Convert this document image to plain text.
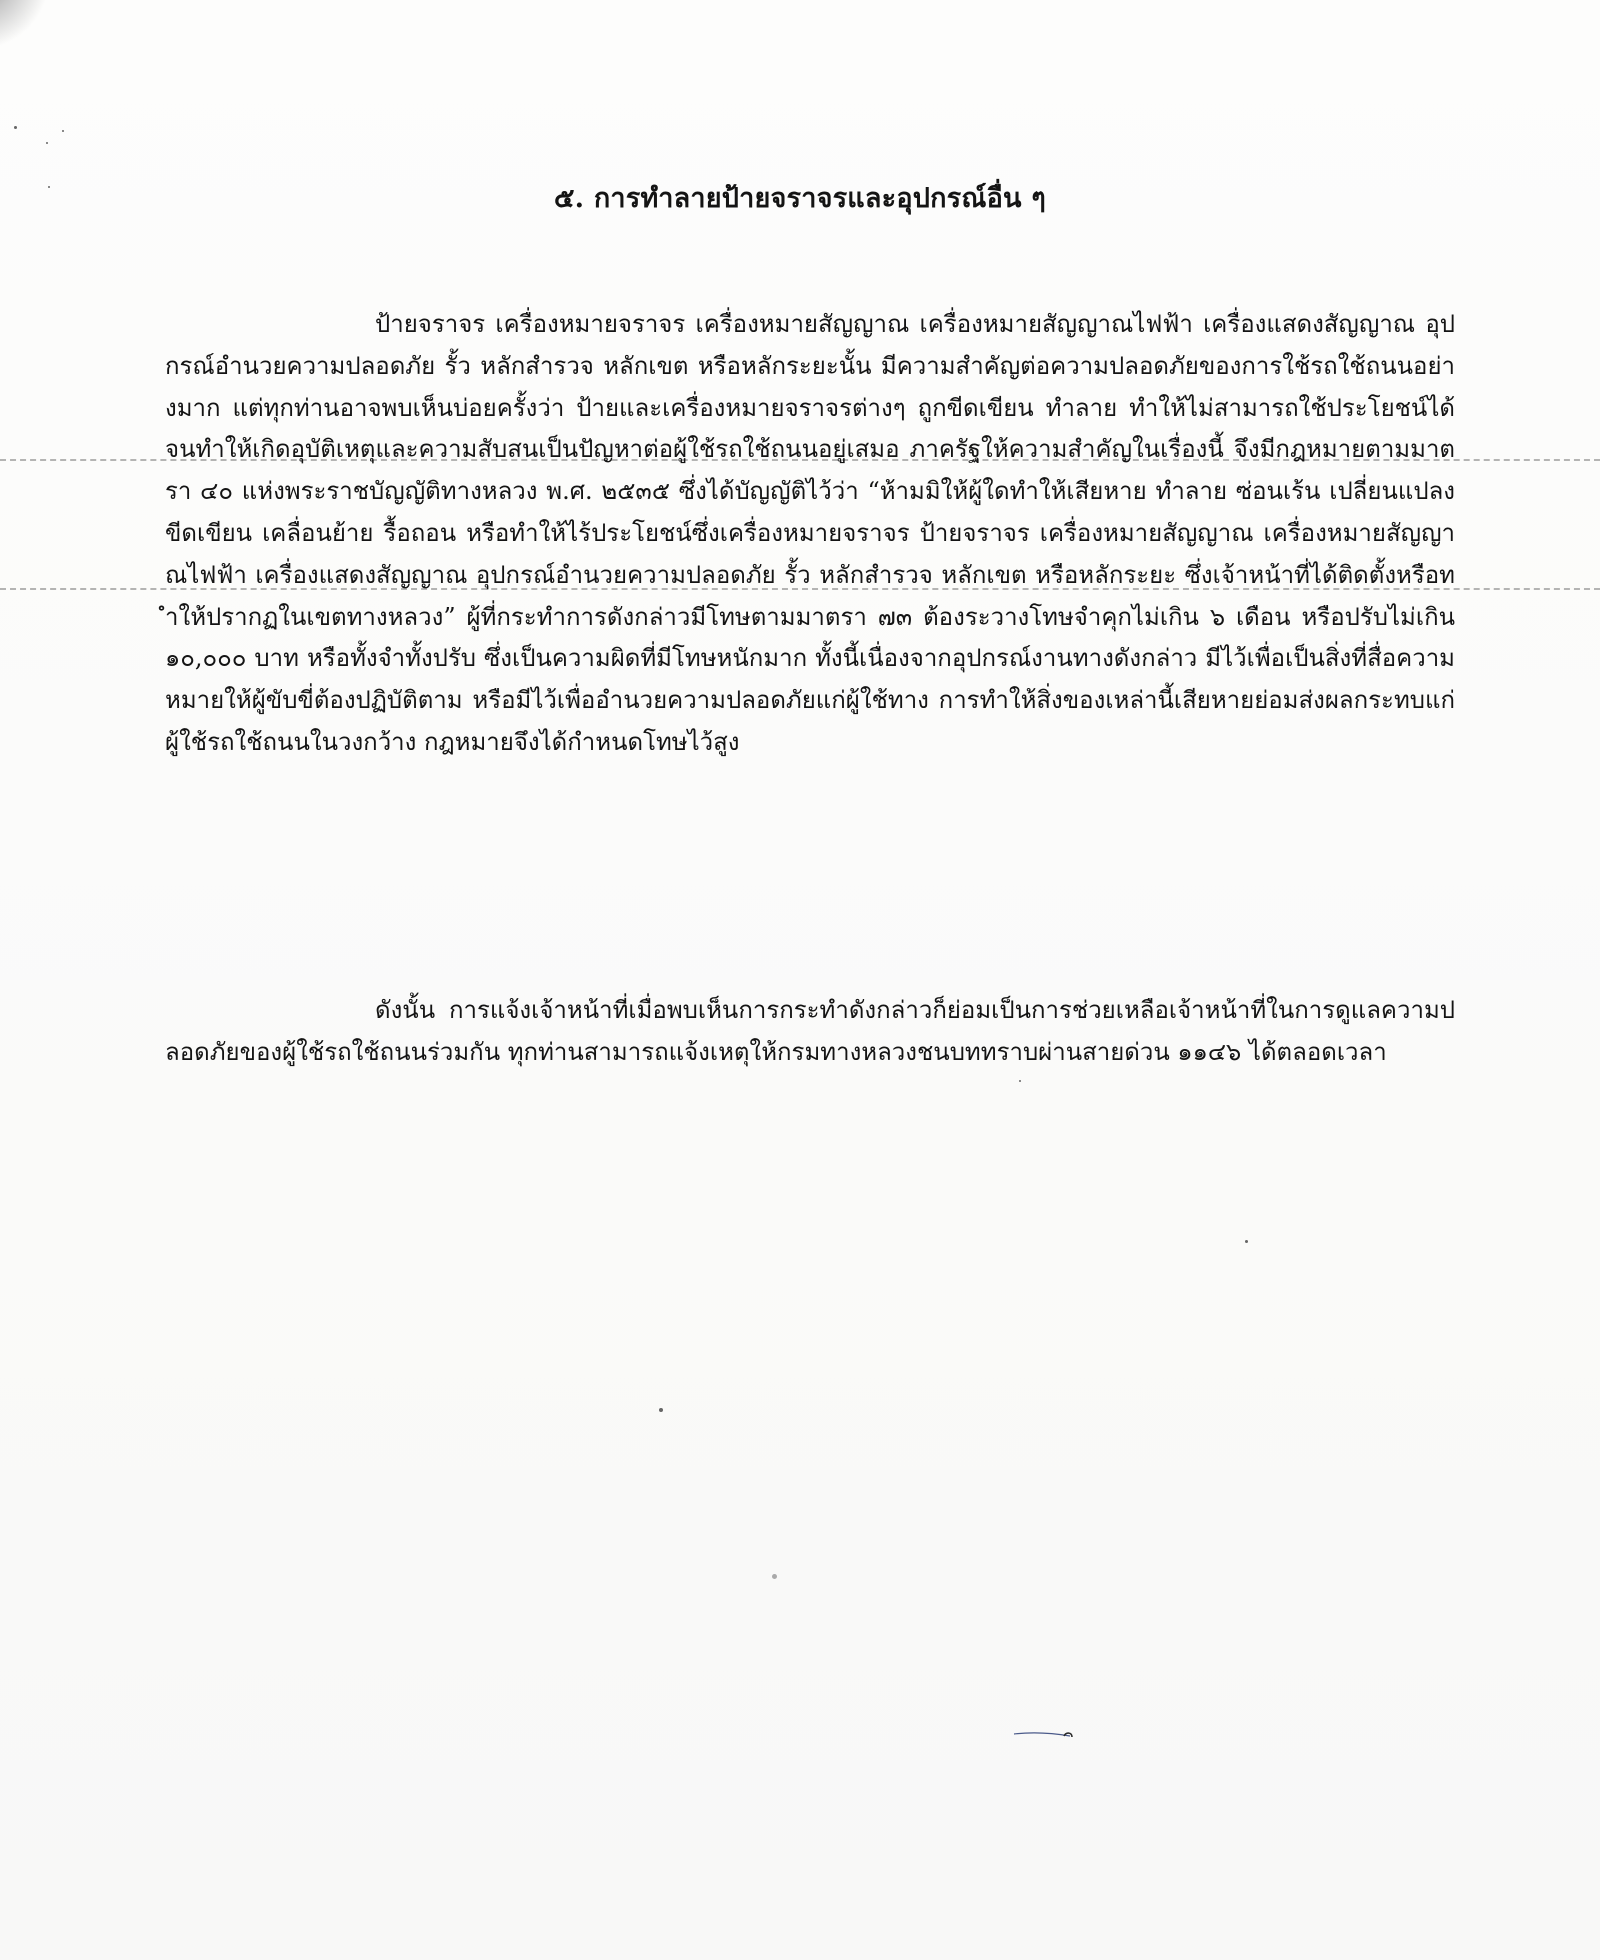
๕. การทำลายป้ายจราจรและอุปกรณ์อื่น ๆ

ป้ายจราจร เครื่องหมายจราจร เครื่องหมายสัญญาณ เครื่องหมายสัญญาณไฟฟ้า เครื่องแสดงสัญญาณ อุปกรณ์อำนวยความปลอดภัย รั้ว หลักสำรวจ หลักเขต หรือหลักระยะนั้น มีความสำคัญต่อความปลอดภัยของการใช้รถใช้ถนนอย่างมาก แต่ทุกท่านอาจพบเห็นบ่อยครั้งว่า ป้ายและเครื่องหมายจราจรต่างๆ ถูกขีดเขียน ทำลาย ทำให้ไม่สามารถใช้ประโยชน์ได้ จนทำให้เกิดอุบัติเหตุและความสับสนเป็นปัญหาต่อผู้ใช้รถใช้ถนนอยู่เสมอ ภาครัฐให้ความสำคัญในเรื่องนี้ จึงมีกฎหมายตามมาตรา ๔๐ แห่งพระราชบัญญัติทางหลวง พ.ศ. ๒๕๓๕ ซึ่งได้บัญญัติไว้ว่า “ห้ามมิให้ผู้ใดทำให้เสียหาย ทำลาย ซ่อนเร้น เปลี่ยนแปลง ขีดเขียน เคลื่อนย้าย รื้อถอน หรือทำให้ไร้ประโยชน์ซึ่งเครื่องหมายจราจร ป้ายจราจร เครื่องหมายสัญญาณ เครื่องหมายสัญญาณไฟฟ้า เครื่องแสดงสัญญาณ อุปกรณ์อำนวยความปลอดภัย รั้ว หลักสำรวจ หลักเขต หรือหลักระยะ ซึ่งเจ้าหน้าที่ได้ติดตั้งหรือทำให้ปรากฏในเขตทางหลวง” ผู้ที่กระทำการดังกล่าวมีโทษตามมาตรา ๗๓ ต้องระวางโทษจำคุกไม่เกิน ๖ เดือน หรือปรับไม่เกิน ๑๐,๐๐๐ บาท หรือทั้งจำทั้งปรับ ซึ่งเป็นความผิดที่มีโทษหนักมาก ทั้งนี้เนื่องจากอุปกรณ์งานทางดังกล่าว มีไว้เพื่อเป็นสิ่งที่สื่อความหมายให้ผู้ขับขี่ต้องปฏิบัติตาม หรือมีไว้เพื่ออำนวยความปลอดภัยแก่ผู้ใช้ทาง การทำให้สิ่งของเหล่านี้เสียหายย่อมส่งผลกระทบแก่ผู้ใช้รถใช้ถนนในวงกว้าง กฎหมายจึงได้กำหนดโทษไว้สูง

ดังนั้น การแจ้งเจ้าหน้าที่เมื่อพบเห็นการกระทำดังกล่าวก็ย่อมเป็นการช่วยเหลือเจ้าหน้าที่ในการดูแลความปลอดภัยของผู้ใช้รถใช้ถนนร่วมกัน ทุกท่านสามารถแจ้งเหตุให้กรมทางหลวงชนบททราบผ่านสายด่วน ๑๑๔๖ ได้ตลอดเวลา
